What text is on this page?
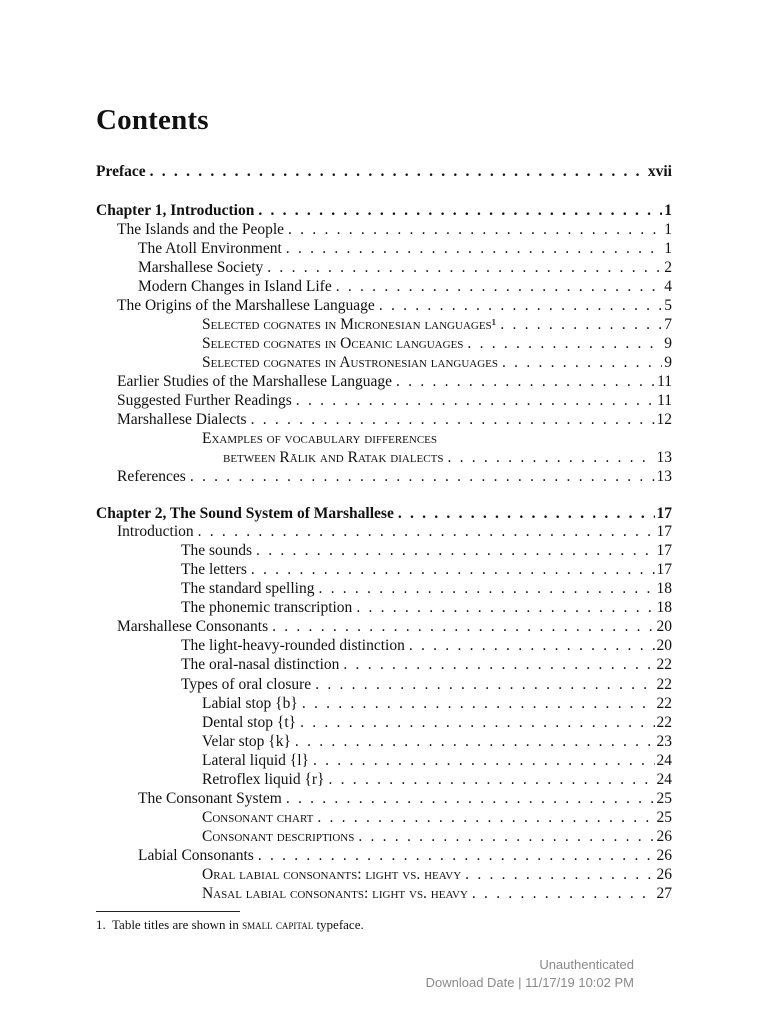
Contents
Preface . . .	xvii
Chapter 1, Introduction . . .	1
The Islands and the People . . .	1
The Atoll Environment . . .	1
Marshallese Society . . .	2
Modern Changes in Island Life . . .	4
The Origins of the Marshallese Language . . .	5
Selected cognates in Micronesian languages¹ . . .	7
Selected cognates in Oceanic languages . . .	9
Selected cognates in Austronesian languages . . .	9
Earlier Studies of the Marshallese Language . . .	11
Suggested Further Readings . . .	11
Marshallese Dialects . . .	12
Examples of vocabulary differences
between Rālik and Ratak dialects . . .	13
References . . .	13
Chapter 2, The Sound System of Marshallese . . .	17
Introduction . . .	17
The sounds . . .	17
The letters . . .	17
The standard spelling . . .	18
The phonemic transcription . . .	18
Marshallese Consonants . . .	20
The light-heavy-rounded distinction . . .	20
The oral-nasal distinction . . .	22
Types of oral closure . . .	22
Labial stop {b} . . .	22
Dental stop {t} . . .	22
Velar stop {k} . . .	23
Lateral liquid {l} . . .	24
Retroflex liquid {r} . . .	24
The Consonant System . . .	25
Consonant chart . . .	25
Consonant descriptions . . .	26
Labial Consonants . . .	26
Oral labial consonants: light vs. heavy . . .	26
Nasal labial consonants: light vs. heavy . . .	27
1. Table titles are shown in small capital typeface.
Unauthenticated
Download Date | 11/17/19 10:02 PM
